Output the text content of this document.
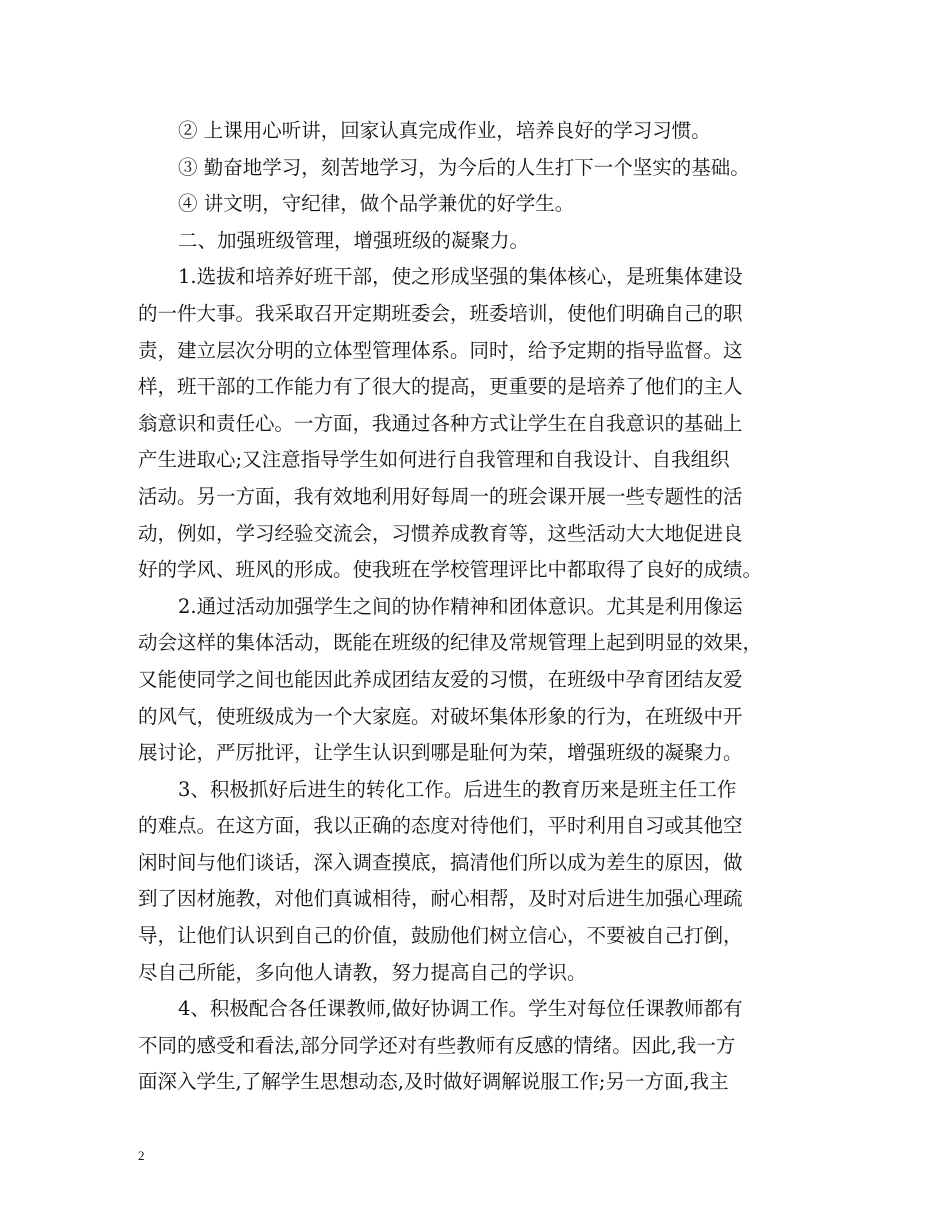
② 上课用心听讲，回家认真完成作业，培养良好的学习习惯。
③ 勤奋地学习，刻苦地学习，为今后的人生打下一个坚实的基础。
④ 讲文明，守纪律，做个品学兼优的好学生。
二、加强班级管理，增强班级的凝聚力。
1.选拔和培养好班干部，使之形成坚强的集体核心，是班集体建设
的一件大事。我采取召开定期班委会，班委培训，使他们明确自己的职
责，建立层次分明的立体型管理体系。同时，给予定期的指导监督。这
样，班干部的工作能力有了很大的提高，更重要的是培养了他们的主人
翁意识和责任心。一方面，我通过各种方式让学生在自我意识的基础上
产生进取心;又注意指导学生如何进行自我管理和自我设计、自我组织
活动。另一方面，我有效地利用好每周一的班会课开展一些专题性的活
动，例如，学习经验交流会，习惯养成教育等，这些活动大大地促进良
好的学风、班风的形成。使我班在学校管理评比中都取得了良好的成绩。
2.通过活动加强学生之间的协作精神和团体意识。尤其是利用像运
动会这样的集体活动，既能在班级的纪律及常规管理上起到明显的效果，
又能使同学之间也能因此养成团结友爱的习惯，在班级中孕育团结友爱
的风气，使班级成为一个大家庭。对破坏集体形象的行为，在班级中开
展讨论，严厉批评，让学生认识到哪是耻何为荣，增强班级的凝聚力。
3、积极抓好后进生的转化工作。后进生的教育历来是班主任工作
的难点。在这方面，我以正确的态度对待他们，平时利用自习或其他空
闲时间与他们谈话，深入调查摸底，搞清他们所以成为差生的原因，做
到了因材施教，对他们真诚相待，耐心相帮，及时对后进生加强心理疏
导，让他们认识到自己的价值，鼓励他们树立信心，不要被自己打倒，
尽自己所能，多向他人请教，努力提高自己的学识。
4、积极配合各任课教师,做好协调工作。学生对每位任课教师都有
不同的感受和看法,部分同学还对有些教师有反感的情绪。因此,我一方
面深入学生,了解学生思想动态,及时做好调解说服工作;另一方面,我主
2
